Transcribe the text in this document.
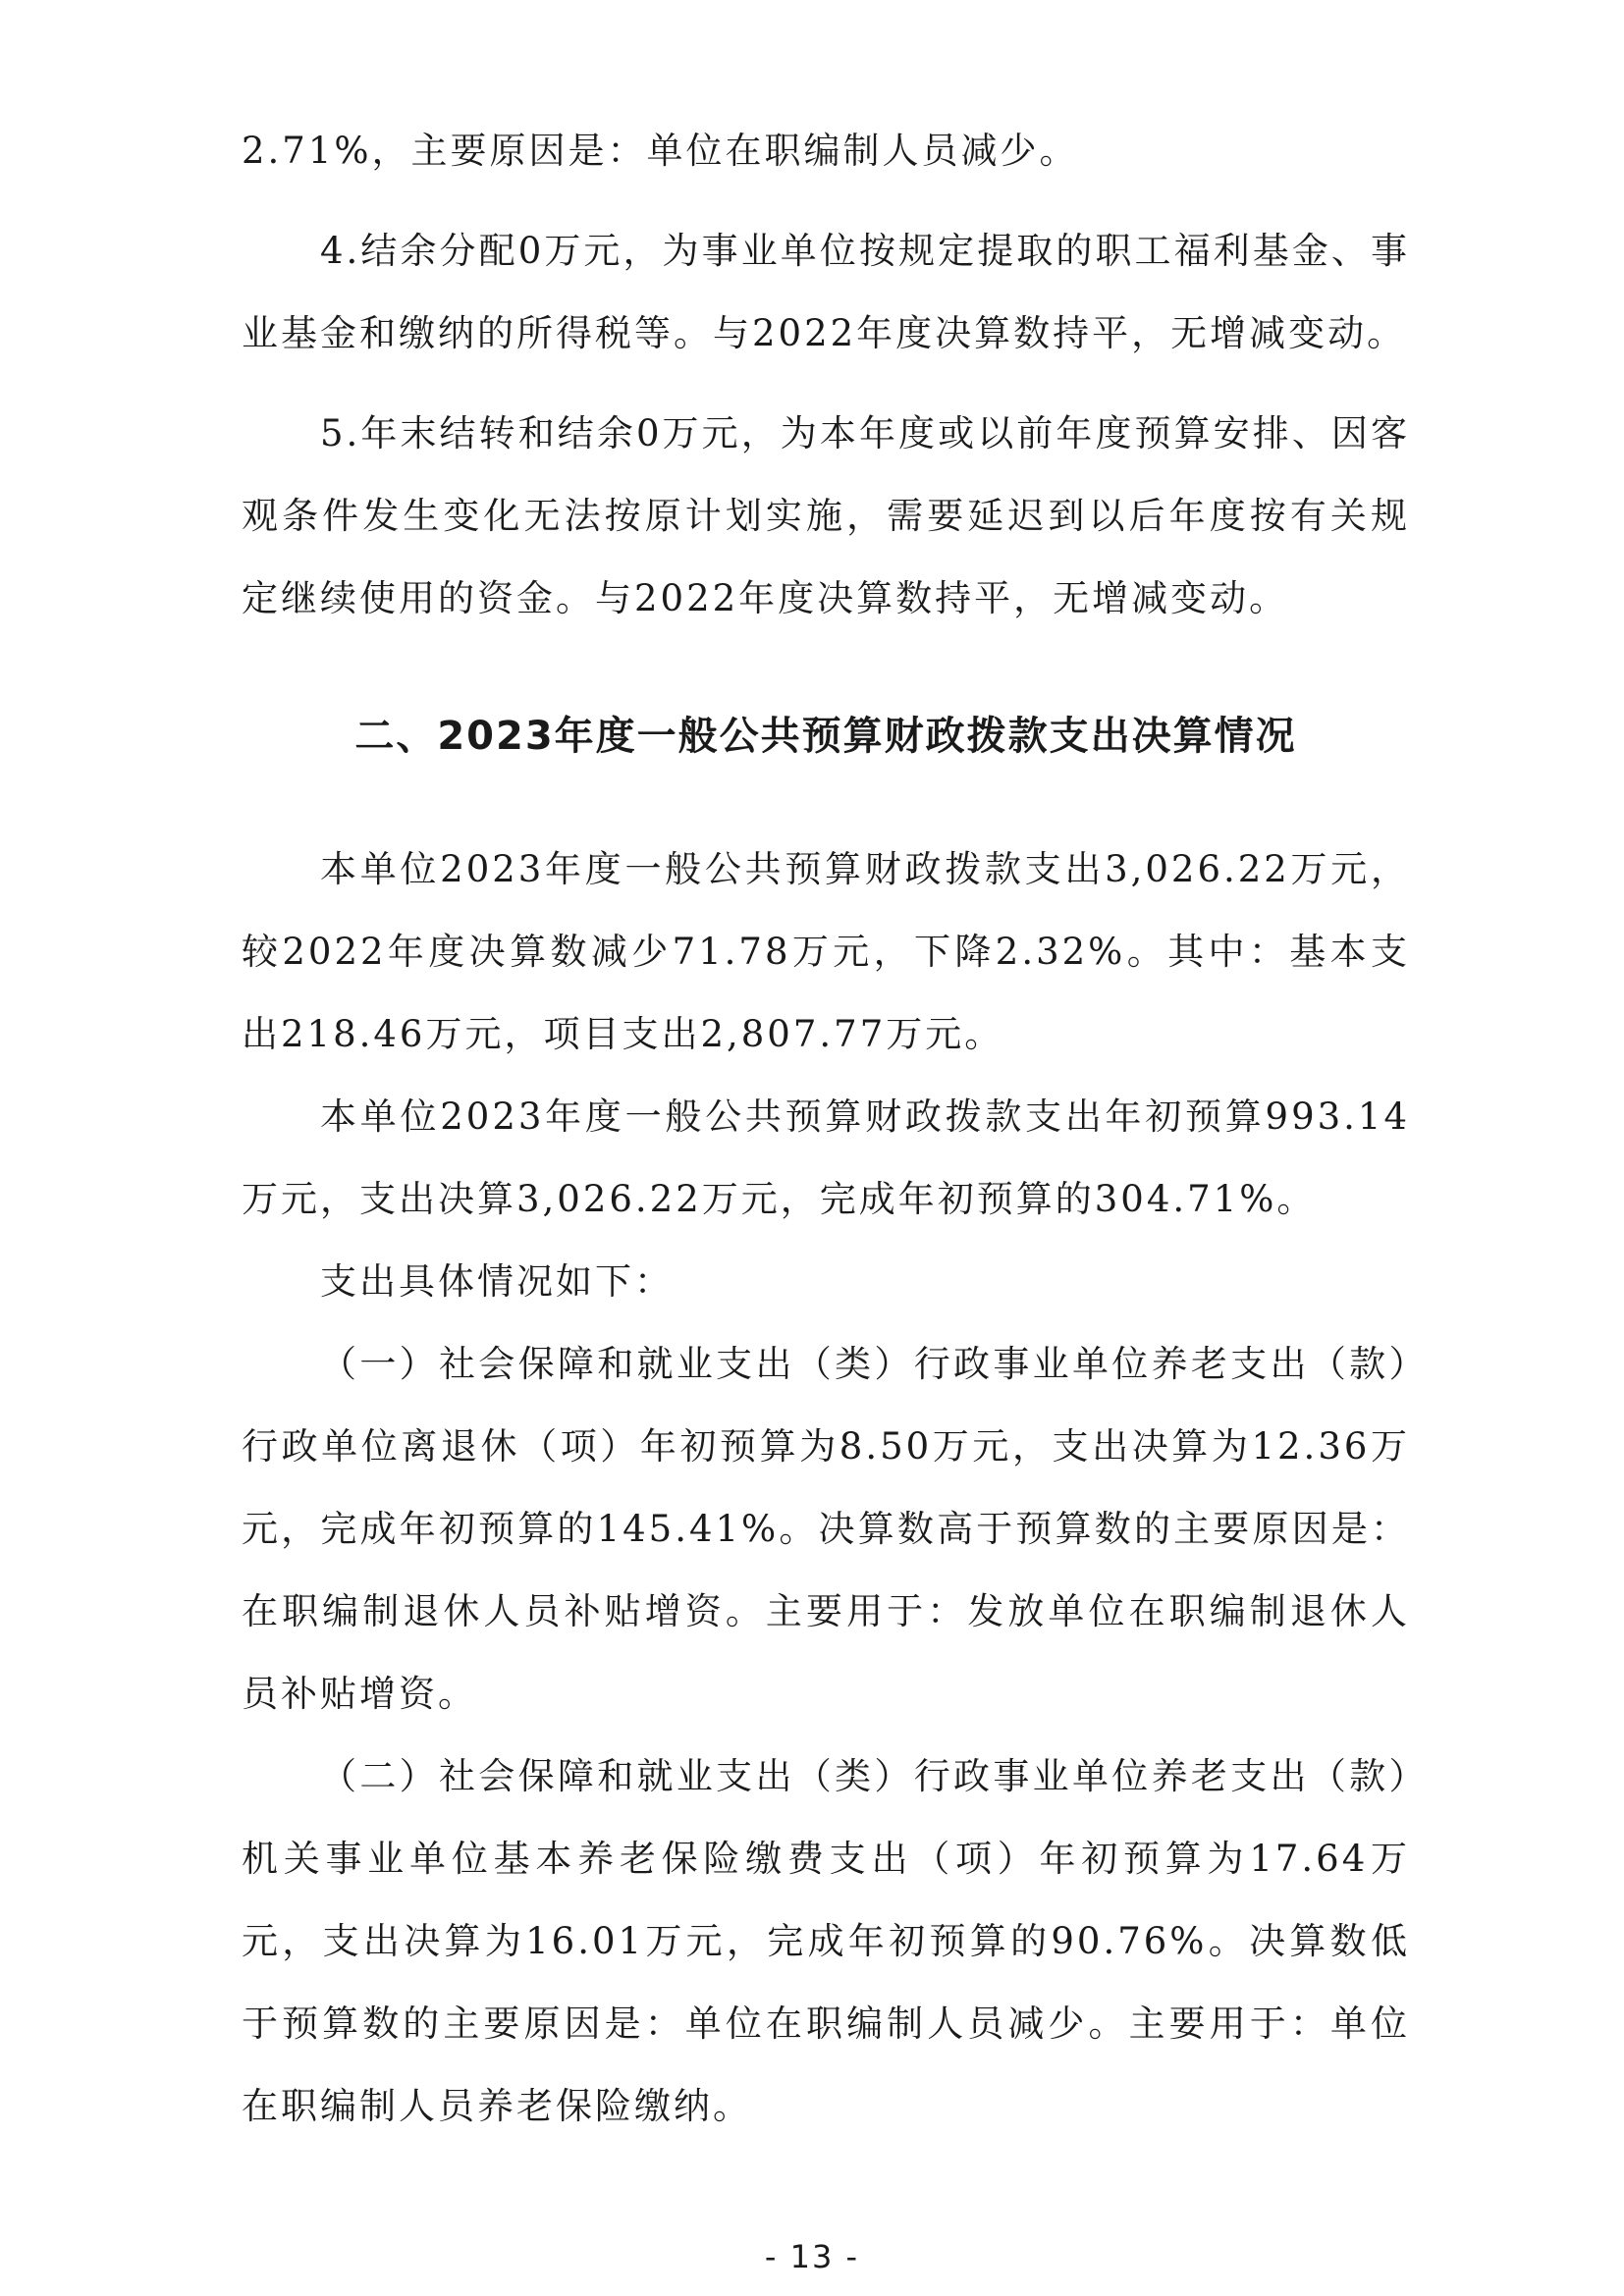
2.71%，主要原因是：单位在职编制人员减少。

4.结余分配0万元，为事业单位按规定提取的职工福利基金、事业基金和缴纳的所得税等。与2022年度决算数持平，无增减变动。

5.年末结转和结余0万元，为本年度或以前年度预算安排、因客观条件发生变化无法按原计划实施，需要延迟到以后年度按有关规定继续使用的资金。与2022年度决算数持平，无增减变动。

二、2023年度一般公共预算财政拨款支出决算情况

本单位2023年度一般公共预算财政拨款支出3,026.22万元，较2022年度决算数减少71.78万元，下降2.32%。其中：基本支出218.46万元，项目支出2,807.77万元。

本单位2023年度一般公共预算财政拨款支出年初预算993.14万元，支出决算3,026.22万元，完成年初预算的304.71%。

支出具体情况如下：

（一）社会保障和就业支出（类）行政事业单位养老支出（款）行政单位离退休（项）年初预算为8.50万元，支出决算为12.36万元，完成年初预算的145.41%。决算数高于预算数的主要原因是：在职编制退休人员补贴增资。主要用于：发放单位在职编制退休人员补贴增资。

（二）社会保障和就业支出（类）行政事业单位养老支出（款）机关事业单位基本养老保险缴费支出（项）年初预算为17.64万元，支出决算为16.01万元，完成年初预算的90.76%。决算数低于预算数的主要原因是：单位在职编制人员减少。主要用于：单位在职编制人员养老保险缴纳。

- 13 -
